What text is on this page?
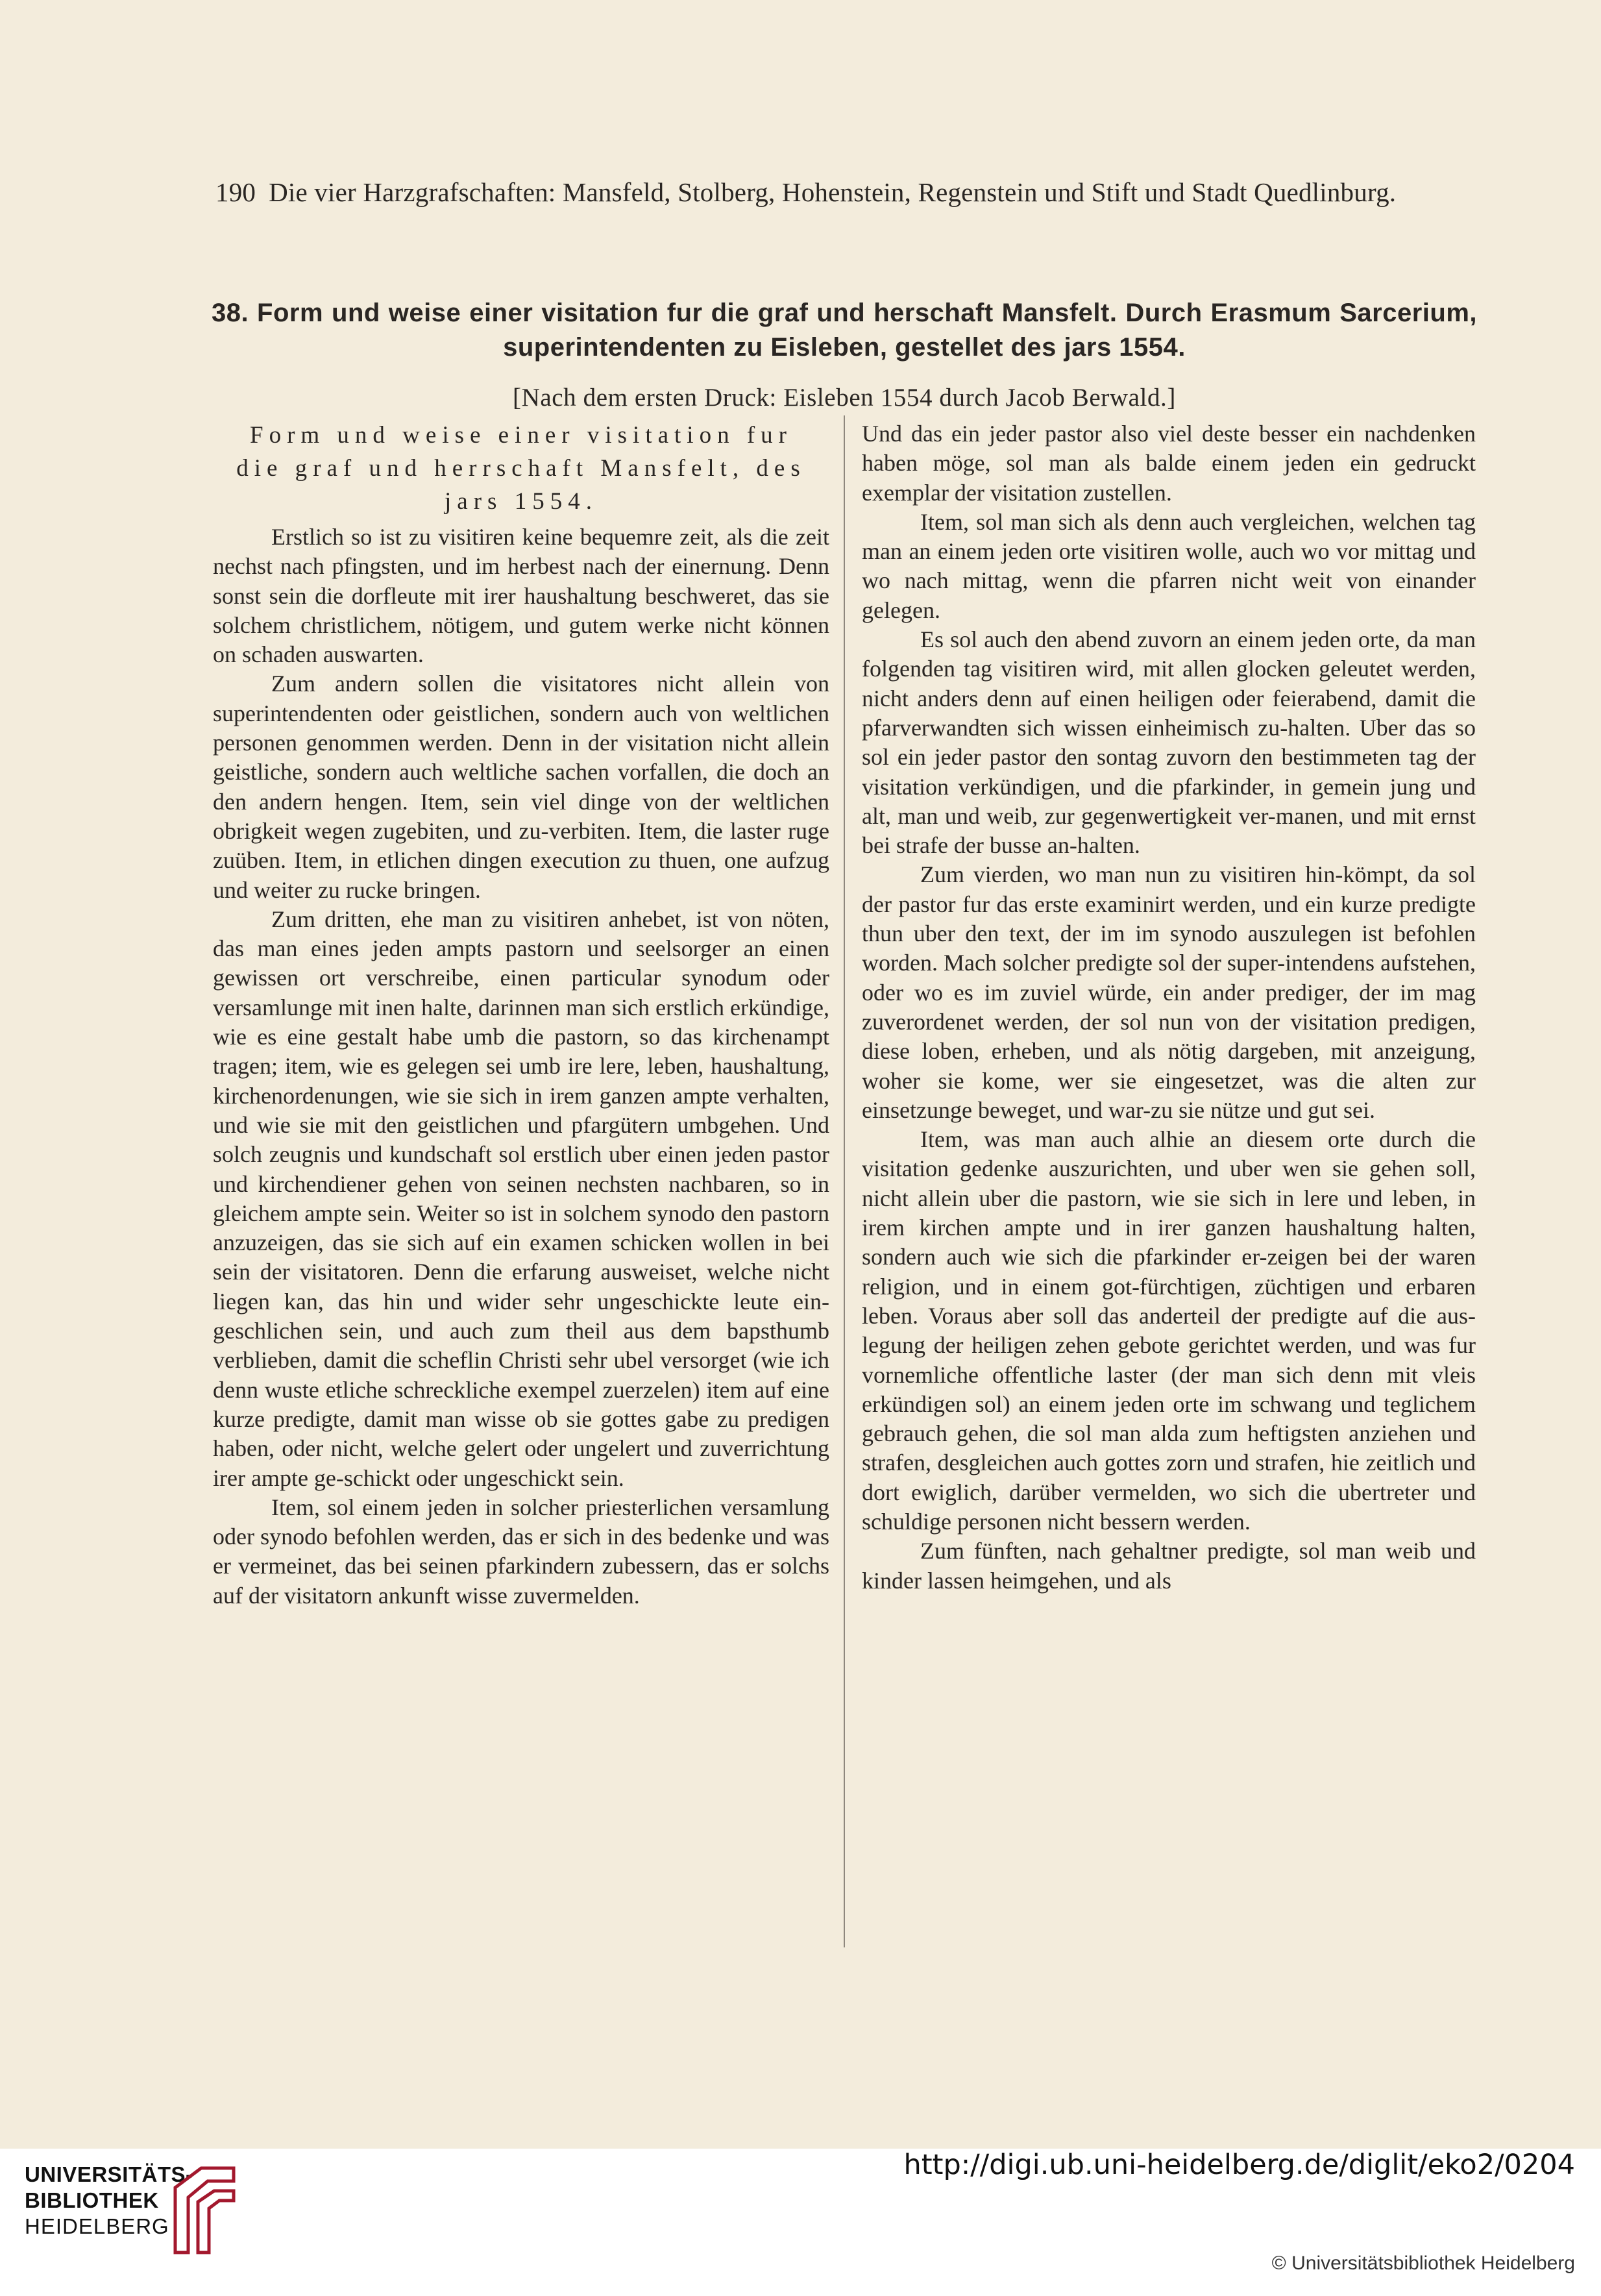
190 Die vier Harzgrafschaften: Mansfeld, Stolberg, Hohenstein, Regenstein und Stift und Stadt Quedlinburg.
38. Form und weise einer visitation fur die graf und herschaft Mansfelt. Durch Erasmum Sarcerium,
superintendenten zu Eisleben, gestellet des jars 1554.
[Nach dem ersten Druck: Eisleben 1554 durch Jacob Berwald.]
Form und weise einer visitation fur
die graf und herrschaft Mansfelt, des
jars 1554.

Erstlich so ist zu visitiren keine bequemre zeit, als die zeit nechst nach pfingsten, und im herbest nach der einernung. Denn sonst sein die dorfleute mit irer haushaltung beschweret, das sie solchem christlichem, nötigem, und gutem werke nicht können on schaden auswarten.

Zum andern sollen die visitatores nicht allein von superintendenten oder geistlichen, sondern auch von weltlichen personen genommen werden. Denn in der visitation nicht allein geistliche, sondern auch weltliche sachen vorfallen, die doch an den andern hengen. Item, sein viel dinge von der weltlichen obrigkeit wegen zugebiten, und zu-verbiten. Item, die laster ruge zuüben. Item, in etlichen dingen execution zu thuen, one aufzug und weiter zu rucke bringen.

Zum dritten, ehe man zu visitiren anhebet, ist von nöten, das man eines jeden ampts pastorn und seelsorger an einen gewissen ort verschreibe, einen particular synodum oder versamlunge mit inen halte, darinnen man sich erstlich erkündige, wie es eine gestalt habe umb die pastorn, so das kirchenampt tragen; item, wie es gelegen sei umb ire lere, leben, haushaltung, kirchenordenungen, wie sie sich in irem ganzen ampte verhalten, und wie sie mit den geistlichen und pfargütern umbgehen. Und solch zeugnis und kundschaft sol erstlich uber einen jeden pastor und kirchendiener gehen von seinen nechsten nachbaren, so in gleichem ampte sein. Weiter so ist in solchem synodo den pastorn anzuzeigen, das sie sich auf ein examen schicken wollen in bei sein der visitatoren. Denn die erfarung ausweiset, welche nicht liegen kan, das hin und wider sehr ungeschickte leute ein-geschlichen sein, und auch zum theil aus dem bapsthumb verblieben, damit die scheflin Christi sehr ubel versorget (wie ich denn wuste etliche schreckliche exempel zuerzelen) item auf eine kurze predigte, damit man wisse ob sie gottes gabe zu predigen haben, oder nicht, welche gelert oder ungelert und zuverrichtung irer ampte ge-schickt oder ungeschickt sein.

Item, sol einem jeden in solcher priesterlichen versamlung oder synodo befohlen werden, das er sich in des bedenke und was er vermeinet, das bei seinen pfarkindern zubessern, das er solchs auf der visitatorn ankunft wisse zuvermelden.

Und das ein jeder pastor also viel deste besser ein nachdenken haben möge, sol man als balde einem jeden ein gedruckt exemplar der visitation zustellen.

Item, sol man sich als denn auch vergleichen, welchen tag man an einem jeden orte visitiren wolle, auch wo vor mittag und wo nach mittag, wenn die pfarren nicht weit von einander gelegen.

Es sol auch den abend zuvorn an einem jeden orte, da man folgenden tag visitiren wird, mit allen glocken geleutet werden, nicht anders denn auf einen heiligen oder feierabend, damit die pfarverwandten sich wissen einheimisch zu-halten. Uber das so sol ein jeder pastor den sontag zuvorn den bestimmeten tag der visitation verkündigen, und die pfarkinder, in gemein jung und alt, man und weib, zur gegenwertigkeit ver-manen, und mit ernst bei strafe der busse an-halten.

Zum vierden, wo man nun zu visitiren hin-kömpt, da sol der pastor fur das erste examinirt werden, und ein kurze predigte thun uber den text, der im im synodo auszulegen ist befohlen worden. Mach solcher predigte sol der super-intendens aufstehen, oder wo es im zuviel würde, ein ander prediger, der im mag zuverordenet werden, der sol nun von der visitation predigen, diese loben, erheben, und als nötig dargeben, mit anzeigung, woher sie kome, wer sie eingesetzet, was die alten zur einsetzunge beweget, und war-zu sie nütze und gut sei.

Item, was man auch alhie an diesem orte durch die visitation gedenke auszurichten, und uber wen sie gehen soll, nicht allein uber die pastorn, wie sie sich in lere und leben, in irem kirchen ampte und in irer ganzen haushaltung halten, sondern auch wie sich die pfarkinder er-zeigen bei der waren religion, und in einem got-fürchtigen, züchtigen und erbaren leben. Voraus aber soll das anderteil der predigte auf die aus-legung der heiligen zehen gebote gerichtet werden, und was fur vornemliche offentliche laster (der man sich denn mit vleis erkündigen sol) an einem jeden orte im schwang und teglichem gebrauch gehen, die sol man alda zum heftigsten anziehen und strafen, desgleichen auch gottes zorn und strafen, hie zeitlich und dort ewiglich, darüber vermelden, wo sich die ubertreter und schuldige personen nicht bessern werden.

Zum fünften, nach gehaltner predigte, sol man weib und kinder lassen heimgehen, und als

UNIVERSITÄTS-
BIBLIOTHEK
HEIDELBERG
http://digi.ub.uni-heidelberg.de/diglit/eko2/0204
© Universitätsbibliothek Heidelberg
